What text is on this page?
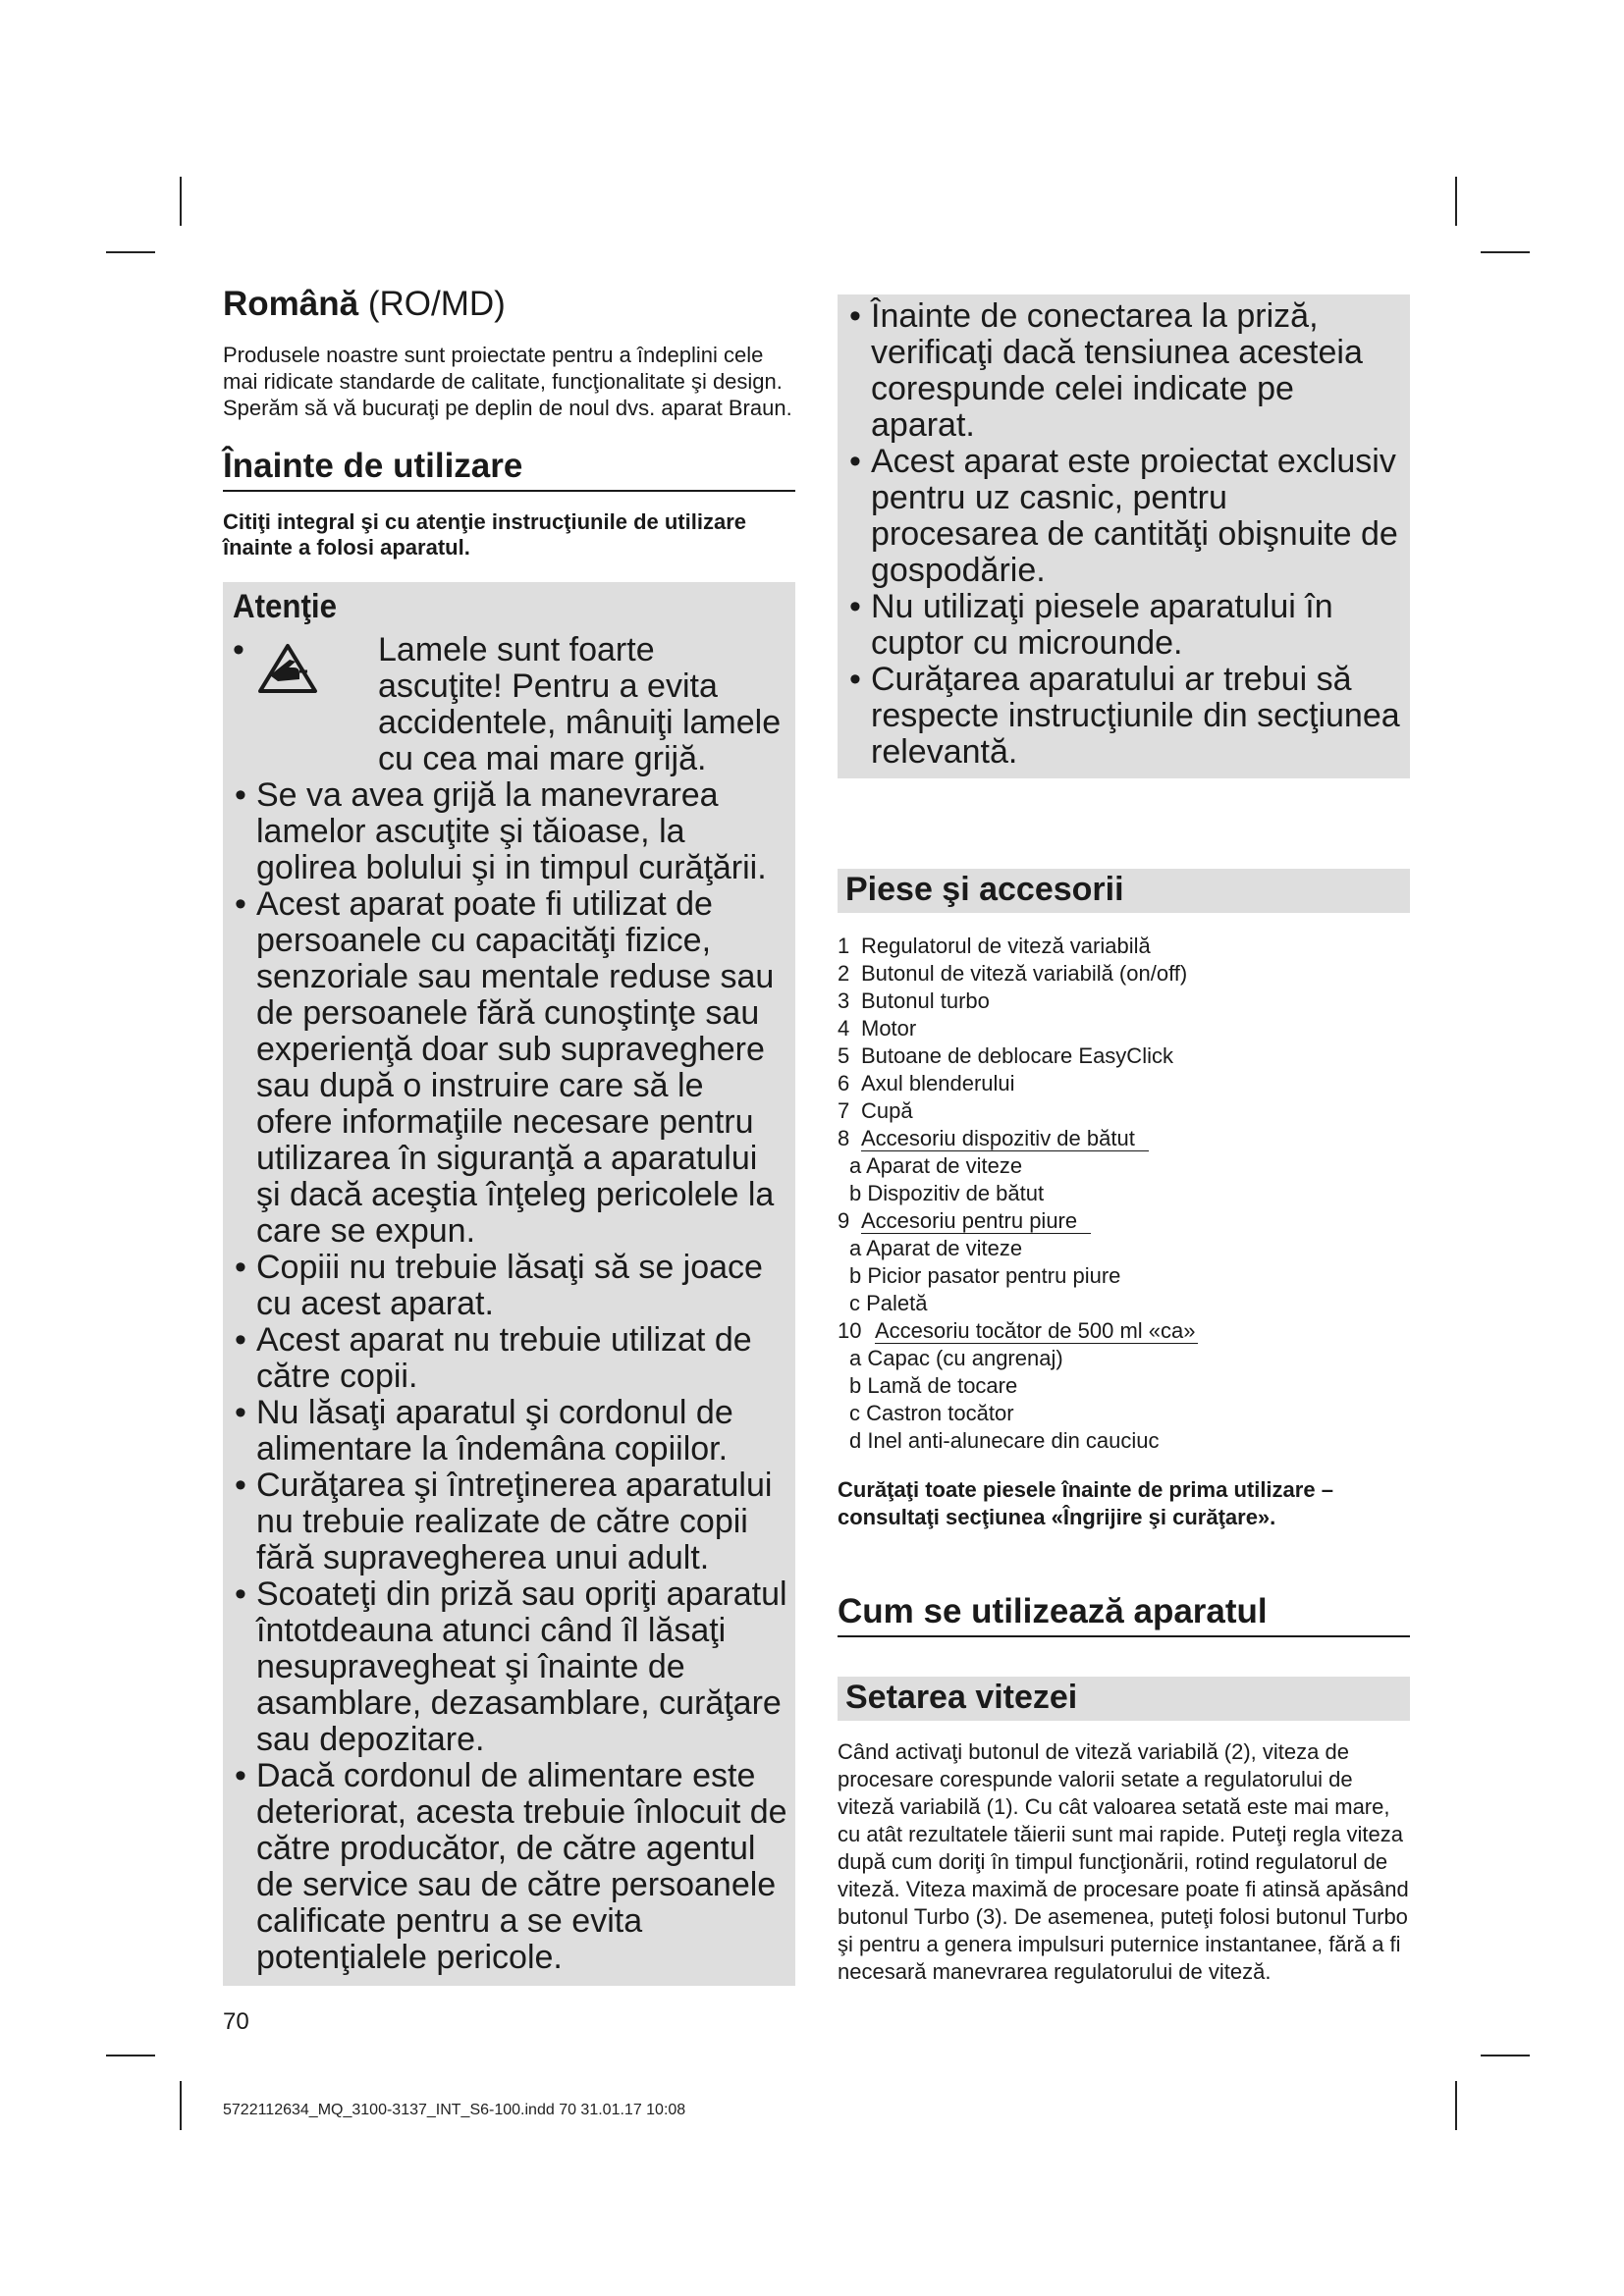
Română (RO/MD)

Produsele noastre sunt proiectate pentru a îndeplini cele mai ridicate standarde de calitate, funcţionalitate şi design. Sperăm să vă bucuraţi pe deplin de noul dvs. aparat Braun.

Înainte de utilizare

Citiţi integral şi cu atenţie instrucţiunile de utilizare înainte a folosi aparatul.

Atenţie
•	Lamele sunt foarte ascuţite! Pentru a evita accidentele, mânuiţi lamele cu cea mai mare grijă.
• Se va avea grijă la manevrarea lamelor ascuţite şi tăioase, la golirea bolului şi in timpul curăţării.
• Acest aparat poate fi utilizat de persoanele cu capacităţi fizice, senzoriale sau mentale reduse sau de persoanele fără cunoştinţe sau experienţă doar sub supraveghere sau după o instruire care să le ofere informaţiile necesare pentru utilizarea în siguranţă a aparatului şi dacă aceştia înţeleg pericolele la care se expun.
• Copiii nu trebuie lăsaţi să se joace cu acest aparat.
• Acest aparat nu trebuie utilizat de către copii.
• Nu lăsaţi aparatul şi cordonul de alimentare la îndemâna copiilor.
• Curăţarea şi întreţinerea aparatului nu trebuie realizate de către copii fără supravegherea unui adult.
• Scoateţi din priză sau opriţi aparatul întotdeauna atunci când îl lăsaţi nesupravegheat şi înainte de asamblare, dezasamblare, curăţare sau depozitare.
• Dacă cordonul de alimentare este deteriorat, acesta trebuie înlocuit de către producător, de către agentul de service sau de către persoanele calificate pentru a se evita potenţialele pericole.
• Înainte de conectarea la priză, verificaţi dacă tensiunea acesteia corespunde celei indicate pe aparat.
• Acest aparat este proiectat exclusiv pentru uz casnic, pentru procesarea de cantităţi obişnuite de gospodărie.
• Nu utilizaţi piesele aparatului în cuptor cu microunde.
• Curăţarea aparatului ar trebui să respecte instrucţiunile din secţiunea relevantă.
Piese şi accesorii
1 Regulatorul de viteză variabilă
2 Butonul de viteză variabilă (on/off)
3 Butonul turbo
4 Motor
5 Butoane de deblocare EasyClick
6 Axul blenderului
7 Cupă
8 Accesoriu dispozitiv de bătut
a Aparat de viteze
b Dispozitiv de bătut
9 Accesoriu pentru piure
a Aparat de viteze
b Picior pasator pentru piure
c Paletă
10 Accesoriu tocător de 500 ml «ca»
a Capac (cu angrenaj)
b Lamă de tocare
c Castron tocător
d Inel anti-alunecare din cauciuc

Curăţaţi toate piesele înainte de prima utilizare – consultaţi secţiunea «Îngrijire şi curăţare».

Cum se utilizează aparatul
Setarea vitezei

Când activaţi butonul de viteză variabilă (2), viteza de procesare corespunde valorii setate a regulatorului de viteză variabilă (1). Cu cât valoarea setată este mai mare, cu atât rezultatele tăierii sunt mai rapide. Puteţi regla viteza după cum doriţi în timpul funcţionării, rotind regulatorul de viteză. Viteza maximă de procesare poate fi atinsă apăsând butonul Turbo (3). De asemenea, puteţi folosi butonul Turbo şi pentru a genera impulsuri puternice instantanee, fără a fi necesară manevrarea regulatorului de viteză.

70
5722112634_MQ_3100-3137_INT_S6-100.indd 70 31.01.17 10:08
